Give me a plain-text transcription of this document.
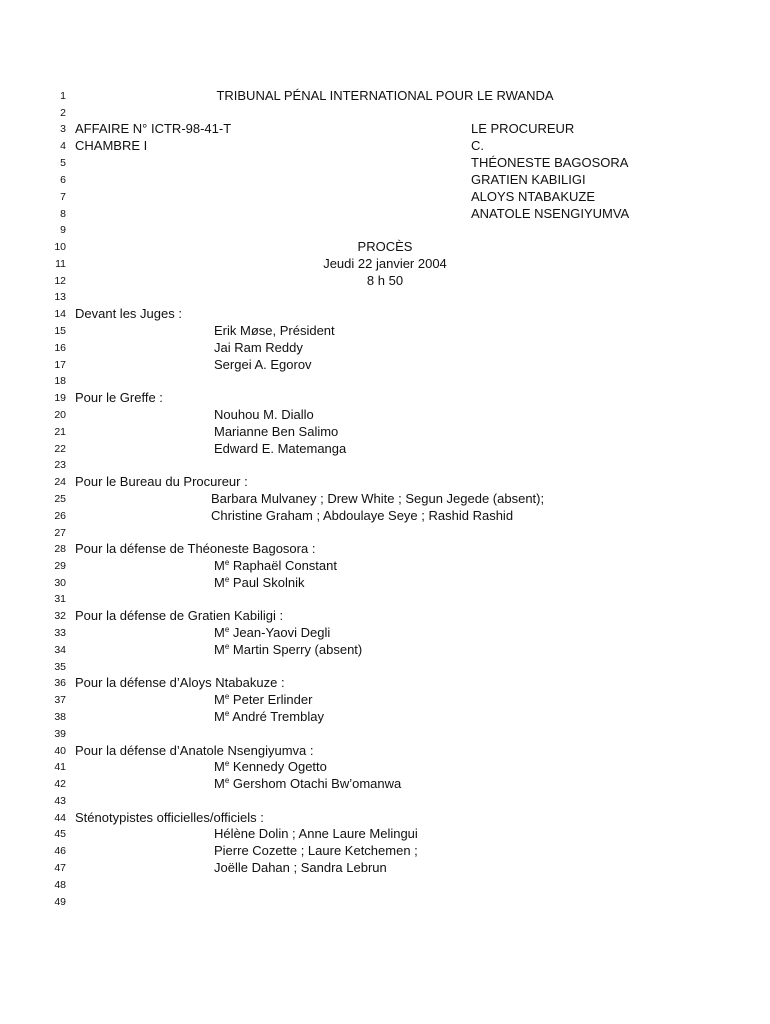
1	TRIBUNAL PÉNAL INTERNATIONAL POUR LE RWANDA
2
3 AFFAIRE N° ICTR-98-41-T	LE PROCUREUR
4 CHAMBRE I	C.
5	THÉONESTE BAGOSORA
6	GRATIEN KABILIGI
7	ALOYS NTABAKUZE
8	ANATOLE NSENGIYUMVA
9
10	PROCÈS
11	Jeudi 22 janvier 2004
12	8 h 50
13
14 Devant les Juges :
15	Erik Møse, Président
16	Jai Ram Reddy
17	Sergei A. Egorov
18
19 Pour le Greffe :
20	Nouhou M. Diallo
21	Marianne Ben Salimo
22	Edward E. Matemanga
23
24 Pour le Bureau du Procureur :
25	Barbara Mulvaney ; Drew White ; Segun Jegede (absent);
26	Christine Graham ; Abdoulaye Seye ; Rashid Rashid
27
28 Pour la défense de Théoneste Bagosora :
29	Me Raphaël Constant
30	Me Paul Skolnik
31
32 Pour la défense de Gratien Kabiligi :
33	Me Jean-Yaovi Degli
34	Me Martin Sperry (absent)
35
36 Pour la défense d’Aloys Ntabakuze :
37	Me Peter Erlinder
38	Me André Tremblay
39
40 Pour la défense d’Anatole Nsengiyumva :
41	Me Kennedy Ogetto
42	Me Gershom Otachi Bw’omanwa
43
44 Sténotypistes officielles/officiels :
45	Hélène Dolin ; Anne Laure Melingui
46	Pierre Cozette ; Laure Ketchemen ;
47	Joëlle Dahan ; Sandra Lebrun
48
49
